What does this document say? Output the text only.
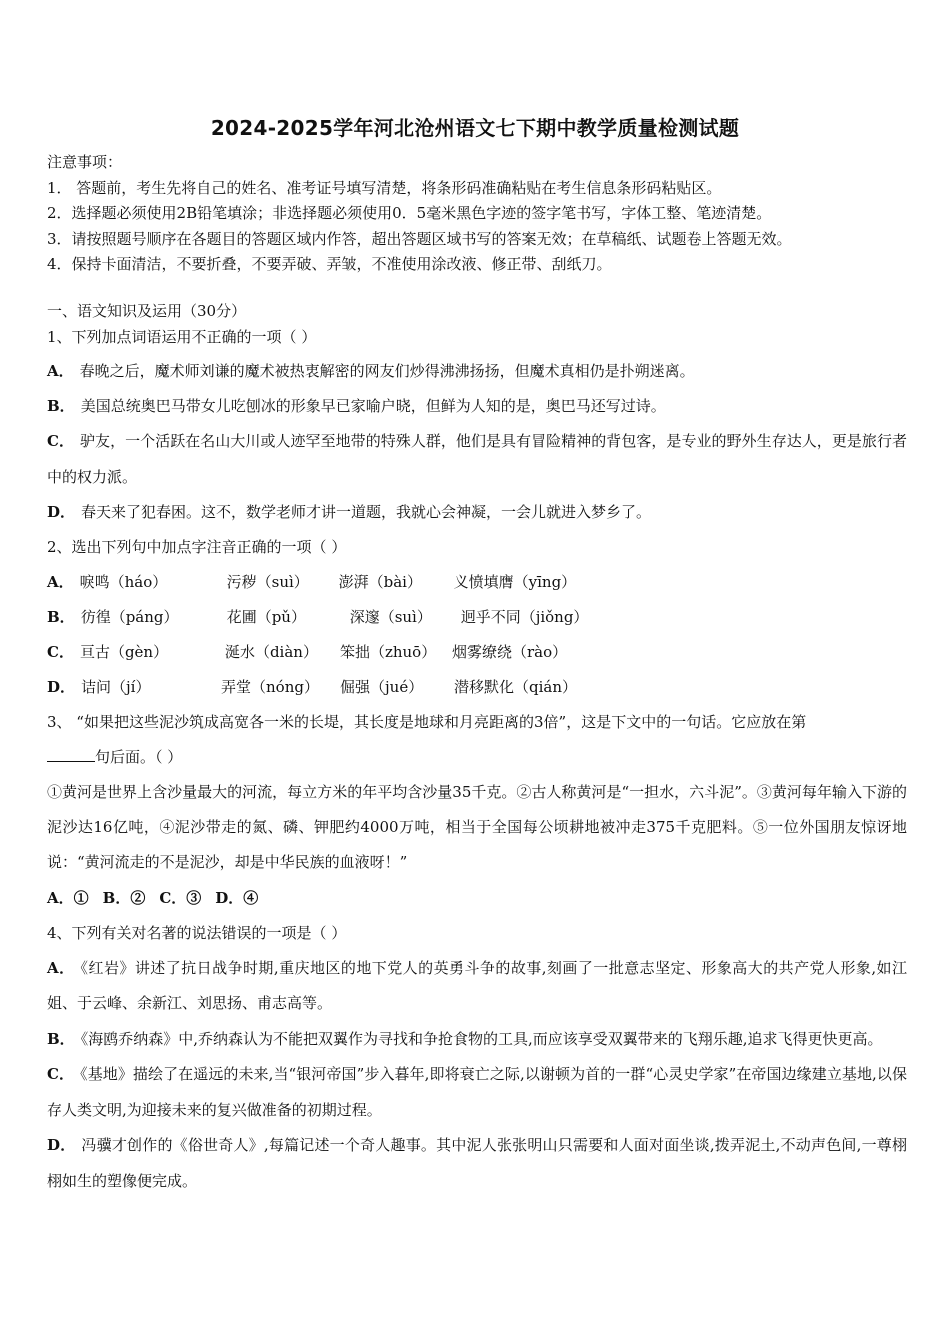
2024-2025学年河北沧州语文七下期中教学质量检测试题
注意事项：
1． 答题前，考生先将自己的姓名、准考证号填写清楚，将条形码准确粘贴在考生信息条形码粘贴区。
2．选择题必须使用2B铅笔填涂；非选择题必须使用0．5毫米黑色字迹的签字笔书写，字体工整、笔迹清楚。
3．请按照题号顺序在各题目的答题区域内作答，超出答题区域书写的答案无效；在草稿纸、试题卷上答题无效。
4．保持卡面清洁，不要折叠，不要弄破、弄皱，不准使用涂改液、修正带、刮纸刀。
一、语文知识及运用（30分）
1、下列加点词语运用不正确的一项（ ）
A． 春晚之后，魔术师刘谦的魔术被热衷解密的网友们炒得沸沸扬扬，但魔术真相仍是扑朔迷离。
B． 美国总统奥巴马带女儿吃刨冰的形象早已家喻户晓，但鲜为人知的是，奥巴马还写过诗。
C． 驴友，一个活跃在名山大川或人迹罕至地带的特殊人群，他们是具有冒险精神的背包客，是专业的野外生存达人，更是旅行者中的权力派。
D． 春天来了犯春困。这不，数学老师才讲一道题，我就心会神凝，一会儿就进入梦乡了。
2、选出下列句中加点字注音正确的一项（ ）
A． 唳鸣（háo）	污秽（suì） 澎湃（bài） 义愤填膺（yīng）
B． 彷徨（páng）	花圃（pǔ）	深邃（suì） 迥乎不同（jiǒng）
C． 亘古（gèn）	涎水（diàn） 笨拙（zhuō） 烟雾缭绕（rào）
D． 诘问（jí）	弄堂（nóng） 倔强（jué） 潜移默化（qián）
3、 “如果把这些泥沙筑成高宽各一米的长堤，其长度是地球和月亮距离的3倍”，这是下文中的一句话。它应放在第
句后面。（ ）
①黄河是世界上含沙量最大的河流，每立方米的年平均含沙量35千克。②古人称黄河是“一担水，六斗泥”。③黄河每年输入下游的泥沙达16亿吨，④泥沙带走的氮、磷、钾肥约4000万吨，相当于全国每公顷耕地被冲走375千克肥料。⑤一位外国朋友惊讶地说：“黄河流走的不是泥沙，却是中华民族的血液呀！”
A．① B．② C．③ D．④
4、下列有关对名著的说法错误的一项是（ ）
A． 《红岩》讲述了抗日战争时期,重庆地区的地下党人的英勇斗争的故事,刻画了一批意志坚定、形象高大的共产党人形象,如江姐、于云峰、余新江、刘思扬、甫志高等。
B． 《海鸥乔纳森》中,乔纳森认为不能把双翼作为寻找和争抢食物的工具,而应该享受双翼带来的飞翔乐趣,追求飞得更快更高。
C． 《基地》描绘了在遥远的未来,当“银河帝国”步入暮年,即将衰亡之际,以谢顿为首的一群“心灵史学家”在帝国边缘建立基地,以保存人类文明,为迎接未来的复兴做准备的初期过程。
D． 冯骥才创作的《俗世奇人》,每篇记述一个奇人趣事。其中泥人张张明山只需要和人面对面坐谈,拨弄泥土,不动声色间,一尊栩栩如生的塑像便完成。
